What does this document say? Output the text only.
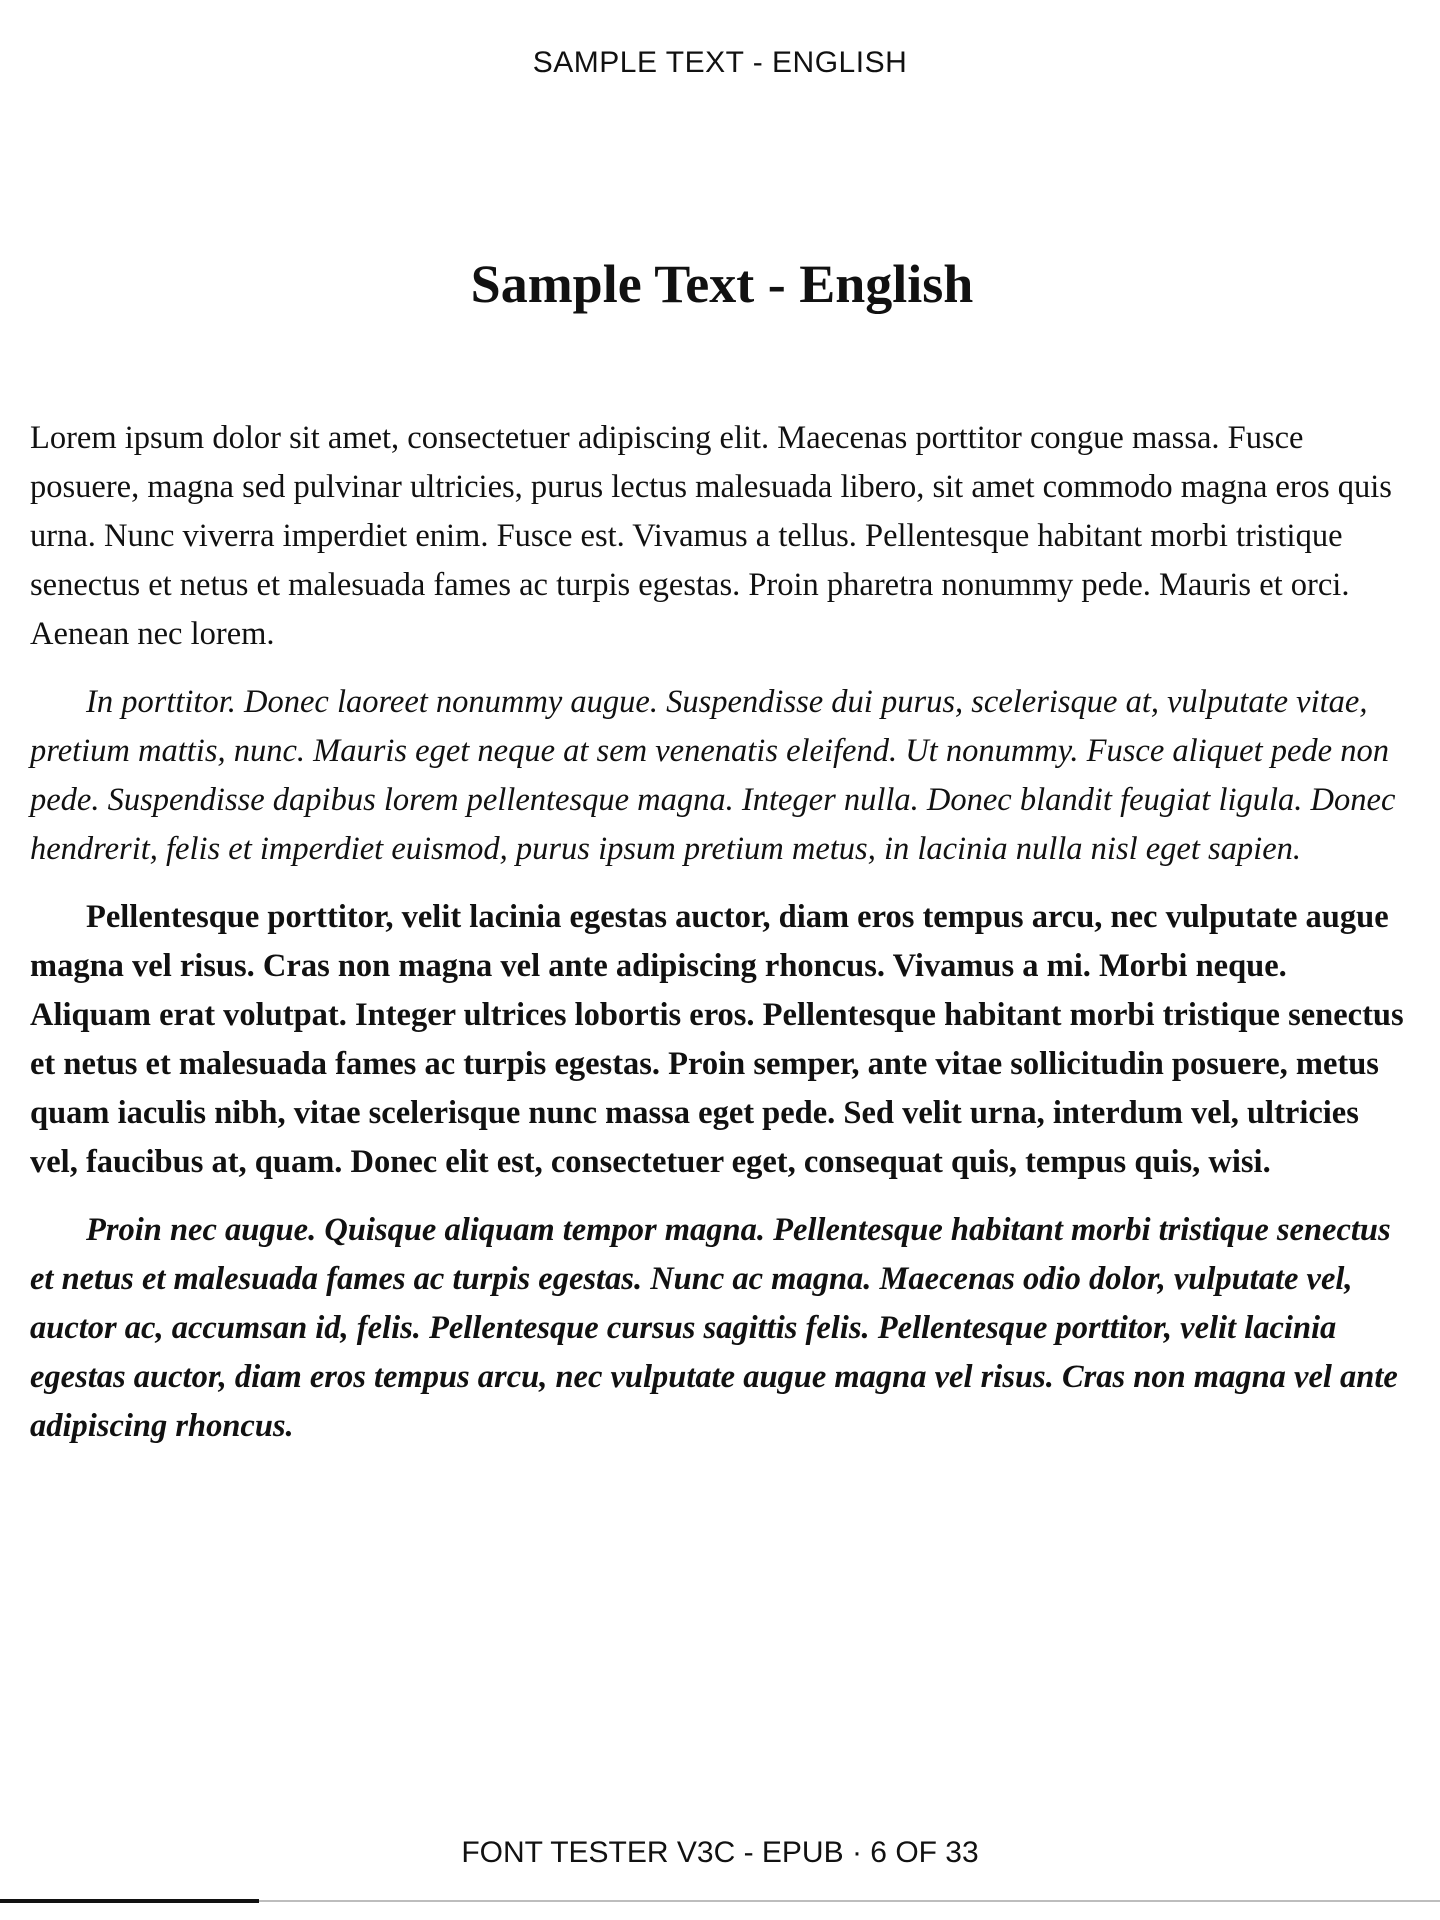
SAMPLE TEXT - ENGLISH
Sample Text - English

Lorem ipsum dolor sit amet, consectetuer adipiscing elit. Maecenas porttitor congue massa. Fusce posuere, magna sed pulvinar ultricies, purus lectus malesuada libero, sit amet commodo magna eros quis urna. Nunc viverra imperdiet enim. Fusce est. Vivamus a tellus. Pellentesque habitant morbi tristique senectus et netus et malesuada fames ac turpis egestas. Proin pharetra nonummy pede. Mauris et orci. Aenean nec lorem.

In porttitor. Donec laoreet nonummy augue. Suspendisse dui purus, scelerisque at, vulputate vitae, pretium mattis, nunc. Mauris eget neque at sem venenatis eleifend. Ut nonummy. Fusce aliquet pede non pede. Suspendisse dapibus lorem pellentesque magna. Integer nulla. Donec blandit feugiat ligula. Donec hendrerit, felis et imperdiet euismod, purus ipsum pretium metus, in lacinia nulla nisl eget sapien.

Pellentesque porttitor, velit lacinia egestas auctor, diam eros tempus arcu, nec vulputate augue magna vel risus. Cras non magna vel ante adipiscing rhoncus. Vivamus a mi. Morbi neque. Aliquam erat volutpat. Integer ultrices lobortis eros. Pellentesque habitant morbi tristique senectus et netus et malesuada fames ac turpis egestas. Proin semper, ante vitae sollicitudin posuere, metus quam iaculis nibh, vitae scelerisque nunc massa eget pede. Sed velit urna, interdum vel, ultricies vel, faucibus at, quam. Donec elit est, consectetuer eget, consequat quis, tempus quis, wisi.

Proin nec augue. Quisque aliquam tempor magna. Pellentesque habitant morbi tristique senectus et netus et malesuada fames ac turpis egestas. Nunc ac magna. Maecenas odio dolor, vulputate vel, auctor ac, accumsan id, felis. Pellentesque cursus sagittis felis. Pellentesque porttitor, velit lacinia egestas auctor, diam eros tempus arcu, nec vulputate augue magna vel risus. Cras non magna vel ante adipiscing rhoncus.

FONT TESTER V3C - EPUB · 6 OF 33
